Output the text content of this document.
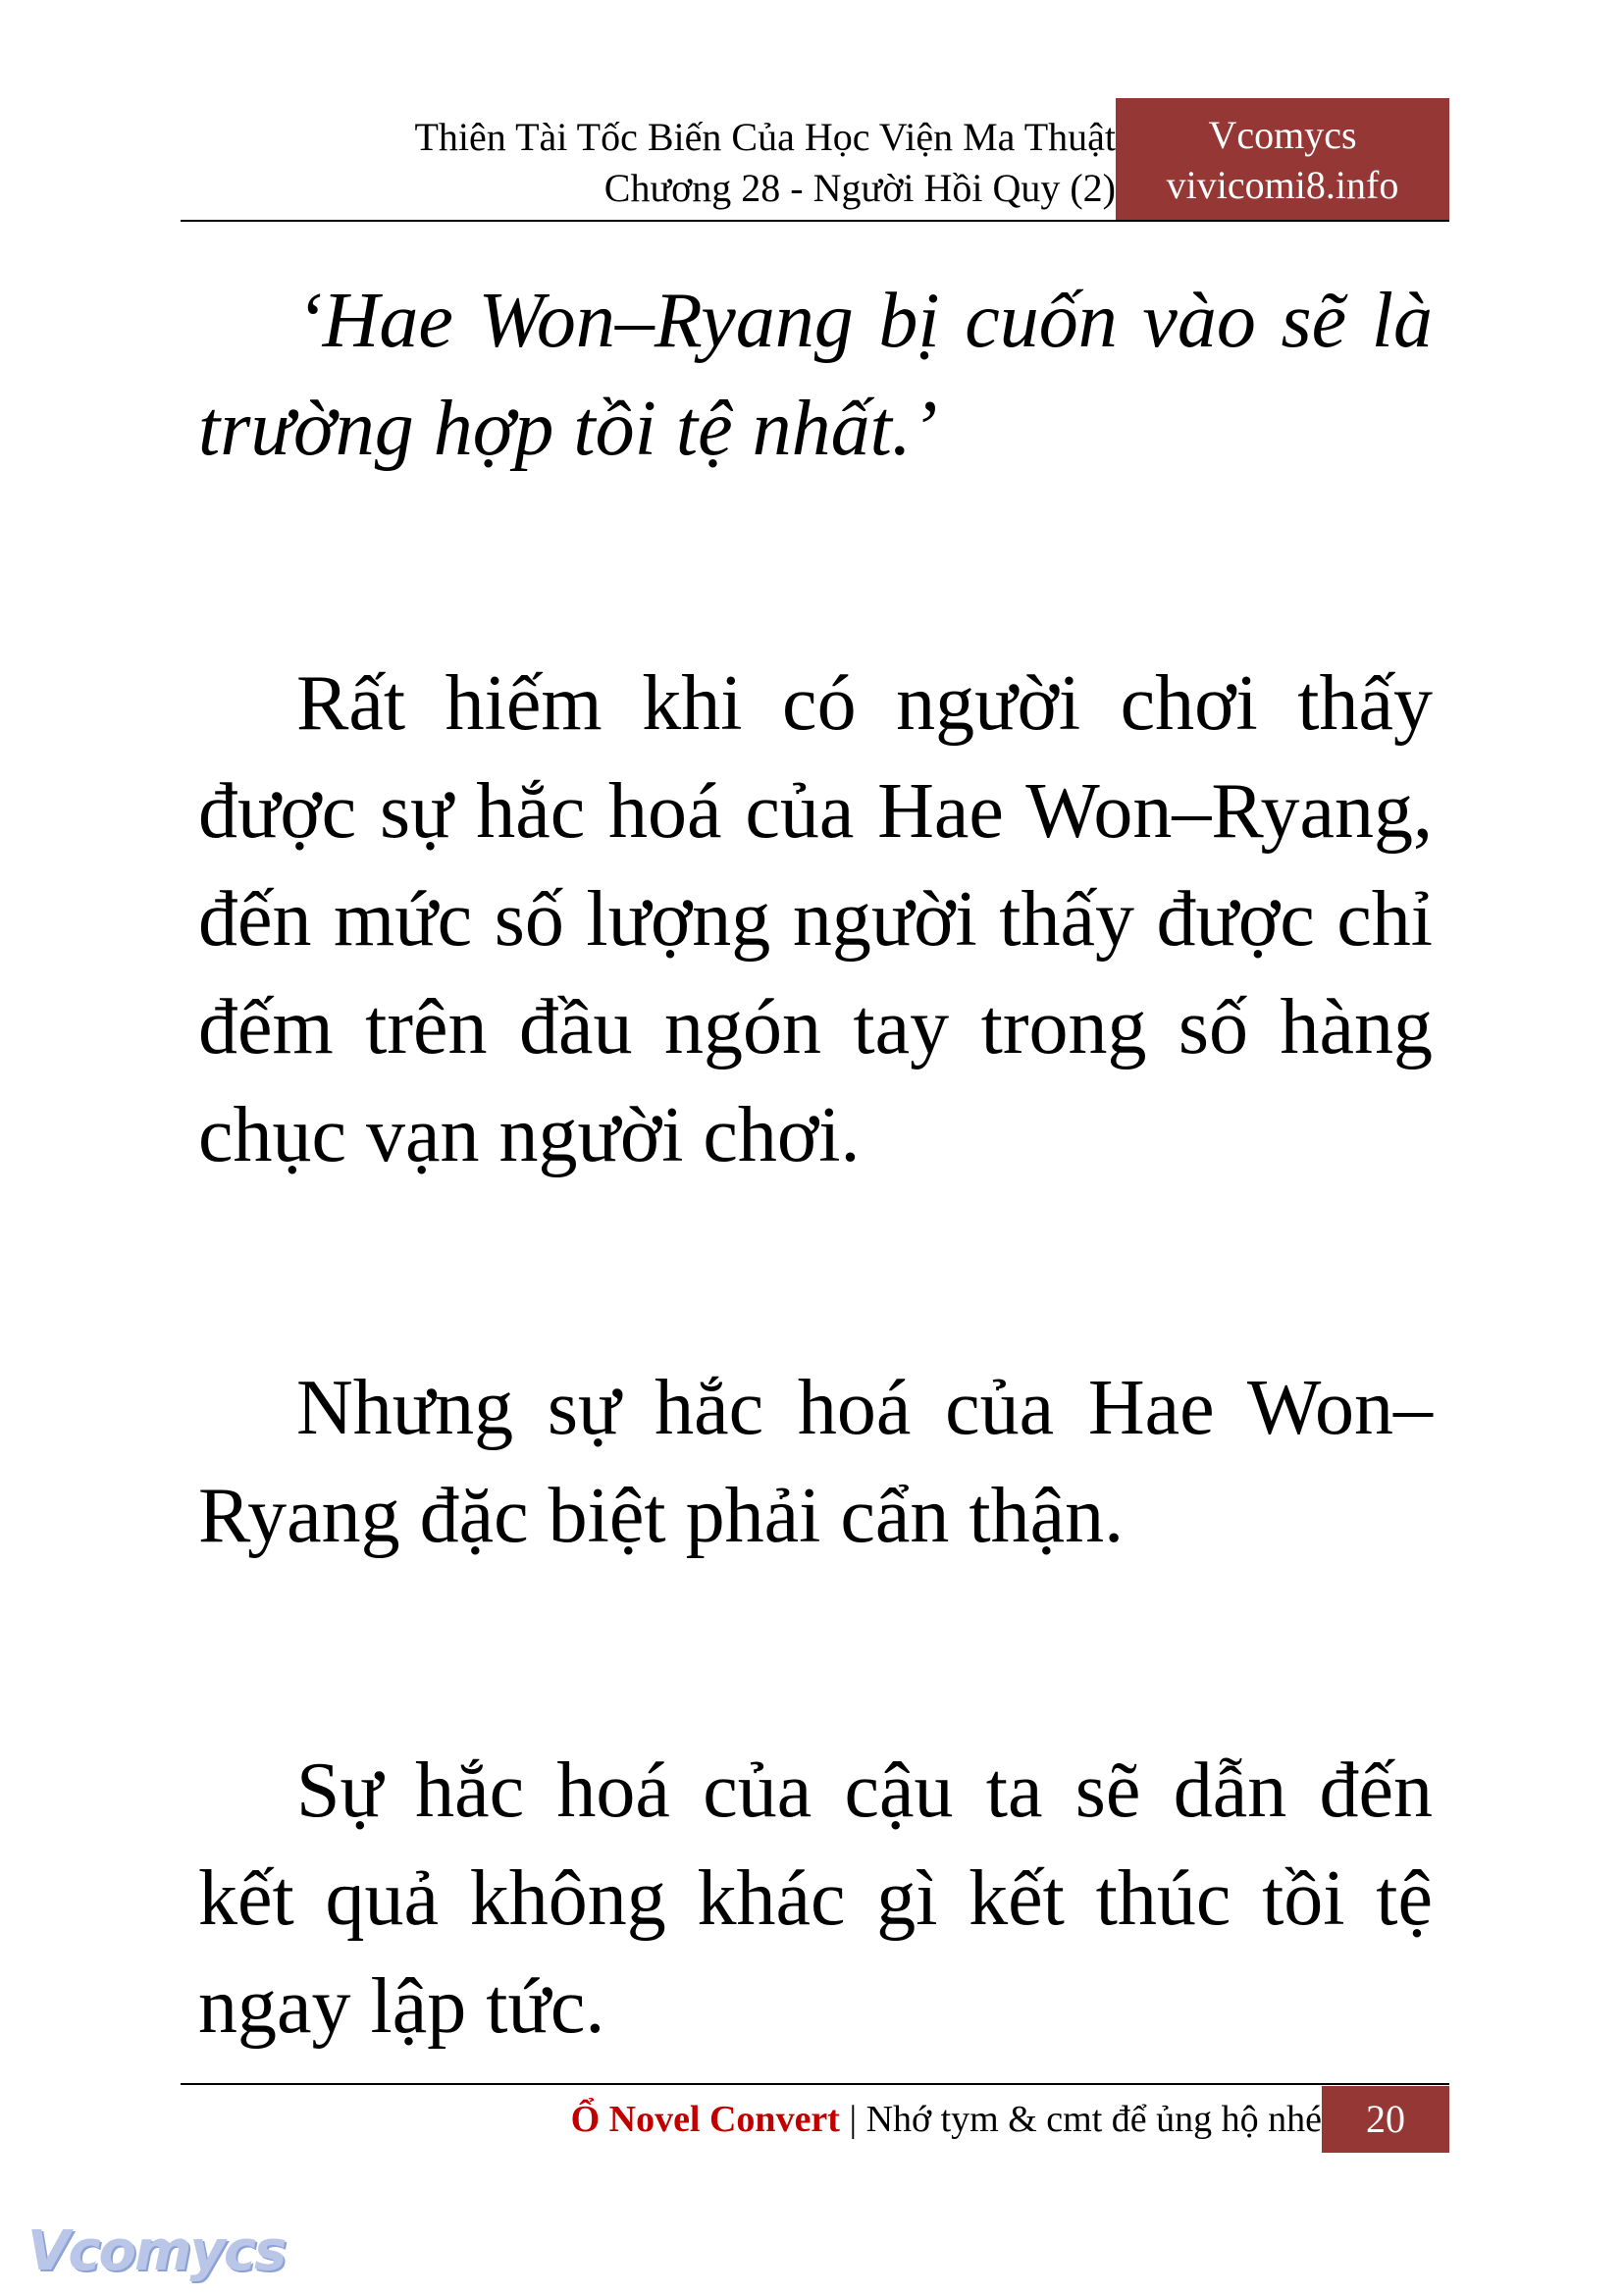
Thiên Tài Tốc Biến Của Học Viện Ma Thuật
Chương 28 - Người Hồi Quy (2)
Vcomycs
vivicomi8.info

‘Hae Won–Ryang bị cuốn vào sẽ là trường hợp tồi tệ nhất.’

Rất hiếm khi có người chơi thấy được sự hắc hoá của Hae Won–Ryang, đến mức số lượng người thấy được chỉ đếm trên đầu ngón tay trong số hàng chục vạn người chơi.

Nhưng sự hắc hoá của Hae Won–Ryang đặc biệt phải cẩn thận.

Sự hắc hoá của cậu ta sẽ dẫn đến kết quả không khác gì kết thúc tồi tệ ngay lập tức.

Ổ Novel Convert | Nhớ tym & cmt để ủng hộ nhé	20
Vcomycs
